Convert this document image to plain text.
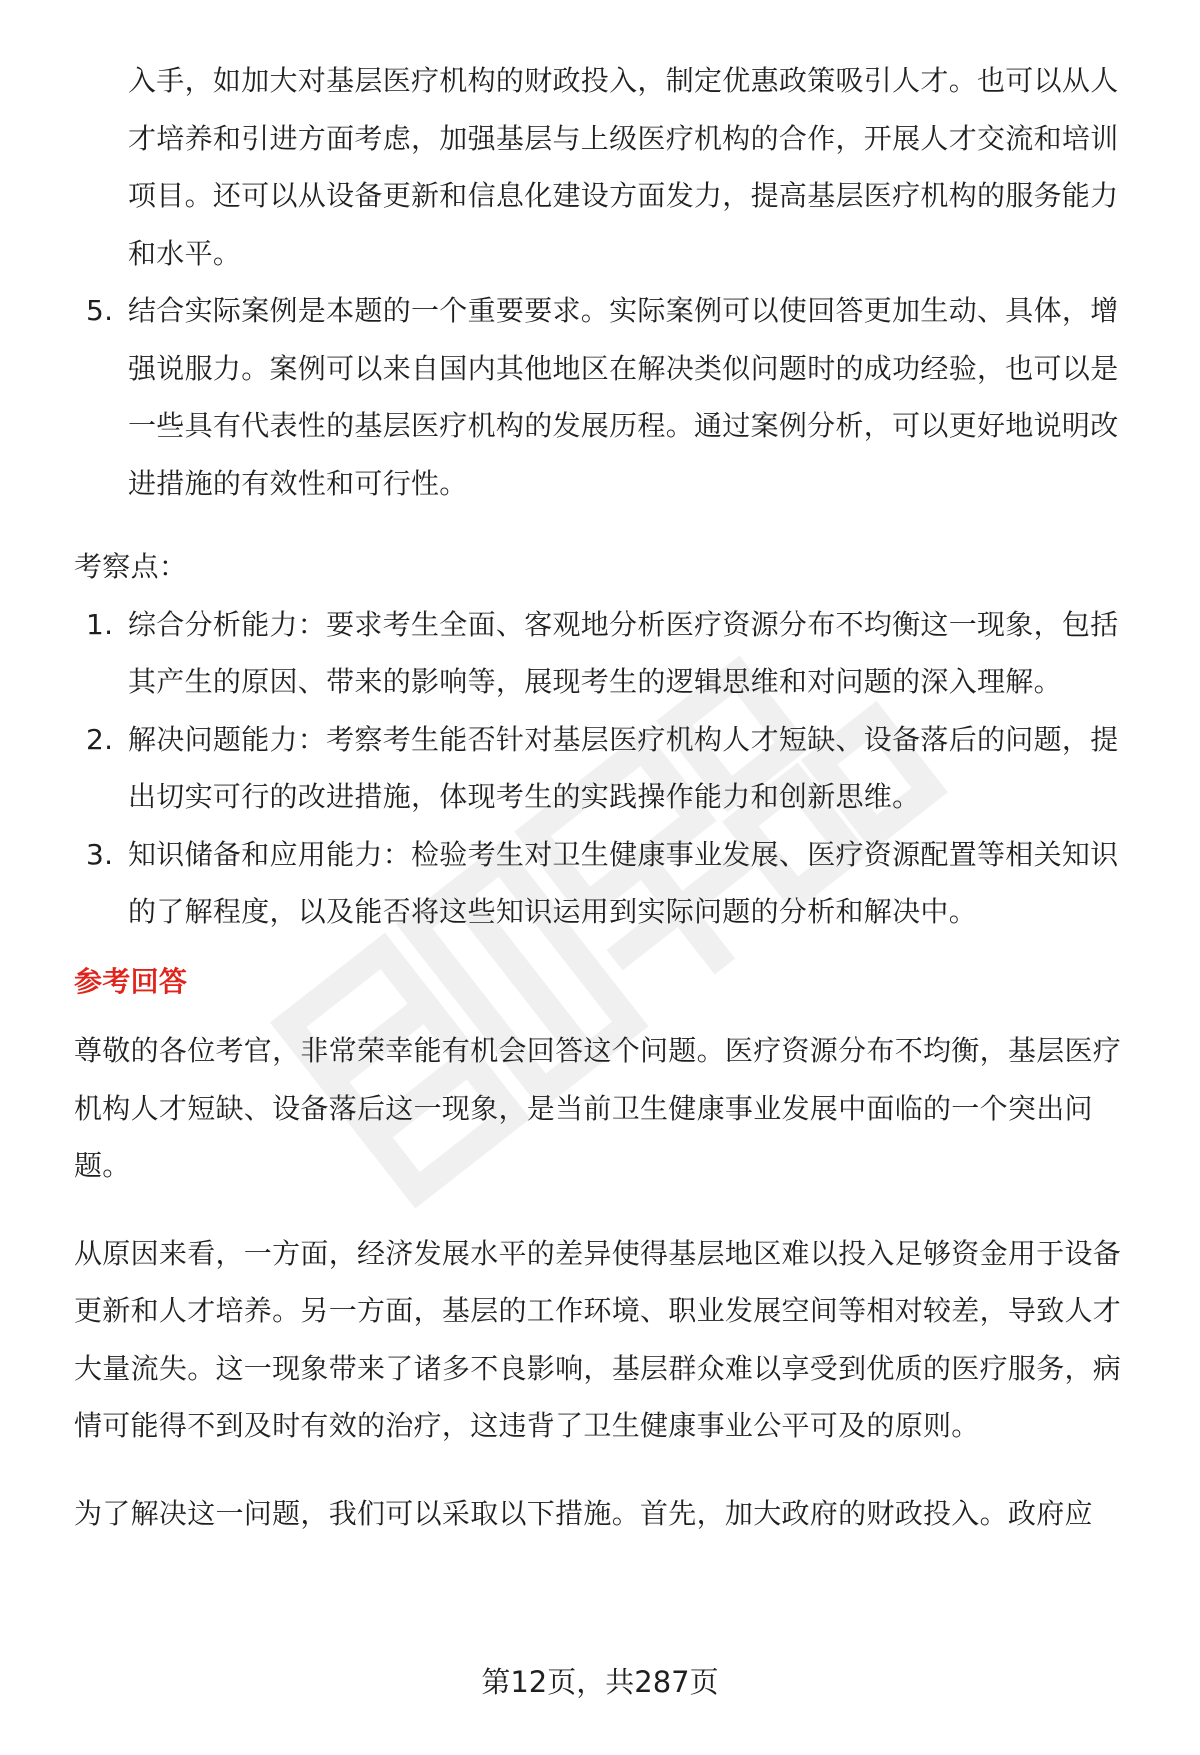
入手，如加大对基层医疗机构的财政投入，制定优惠政策吸引人才。也可以从人才培养和引进方面考虑，加强基层与上级医疗机构的合作，开展人才交流和培训项目。还可以从设备更新和信息化建设方面发力，提高基层医疗机构的服务能力和水平。

5. 结合实际案例是本题的一个重要要求。实际案例可以使回答更加生动、具体，增强说服力。案例可以来自国内其他地区在解决类似问题时的成功经验，也可以是一些具有代表性的基层医疗机构的发展历程。通过案例分析，可以更好地说明改进措施的有效性和可行性。

考察点：

1. 综合分析能力：要求考生全面、客观地分析医疗资源分布不均衡这一现象，包括其产生的原因、带来的影响等，展现考生的逻辑思维和对问题的深入理解。
2. 解决问题能力：考察考生能否针对基层医疗机构人才短缺、设备落后的问题，提出切实可行的改进措施，体现考生的实践操作能力和创新思维。
3. 知识储备和应用能力：检验考生对卫生健康事业发展、医疗资源配置等相关知识的了解程度，以及能否将这些知识运用到实际问题的分析和解决中。

参考回答

尊敬的各位考官，非常荣幸能有机会回答这个问题。医疗资源分布不均衡，基层医疗机构人才短缺、设备落后这一现象，是当前卫生健康事业发展中面临的一个突出问题。

从原因来看，一方面，经济发展水平的差异使得基层地区难以投入足够资金用于设备更新和人才培养。另一方面，基层的工作环境、职业发展空间等相对较差，导致人才大量流失。这一现象带来了诸多不良影响，基层群众难以享受到优质的医疗服务，病情可能得不到及时有效的治疗，这违背了卫生健康事业公平可及的原则。

为了解决这一问题，我们可以采取以下措施。首先，加大政府的财政投入。政府应

第12页，共287页
